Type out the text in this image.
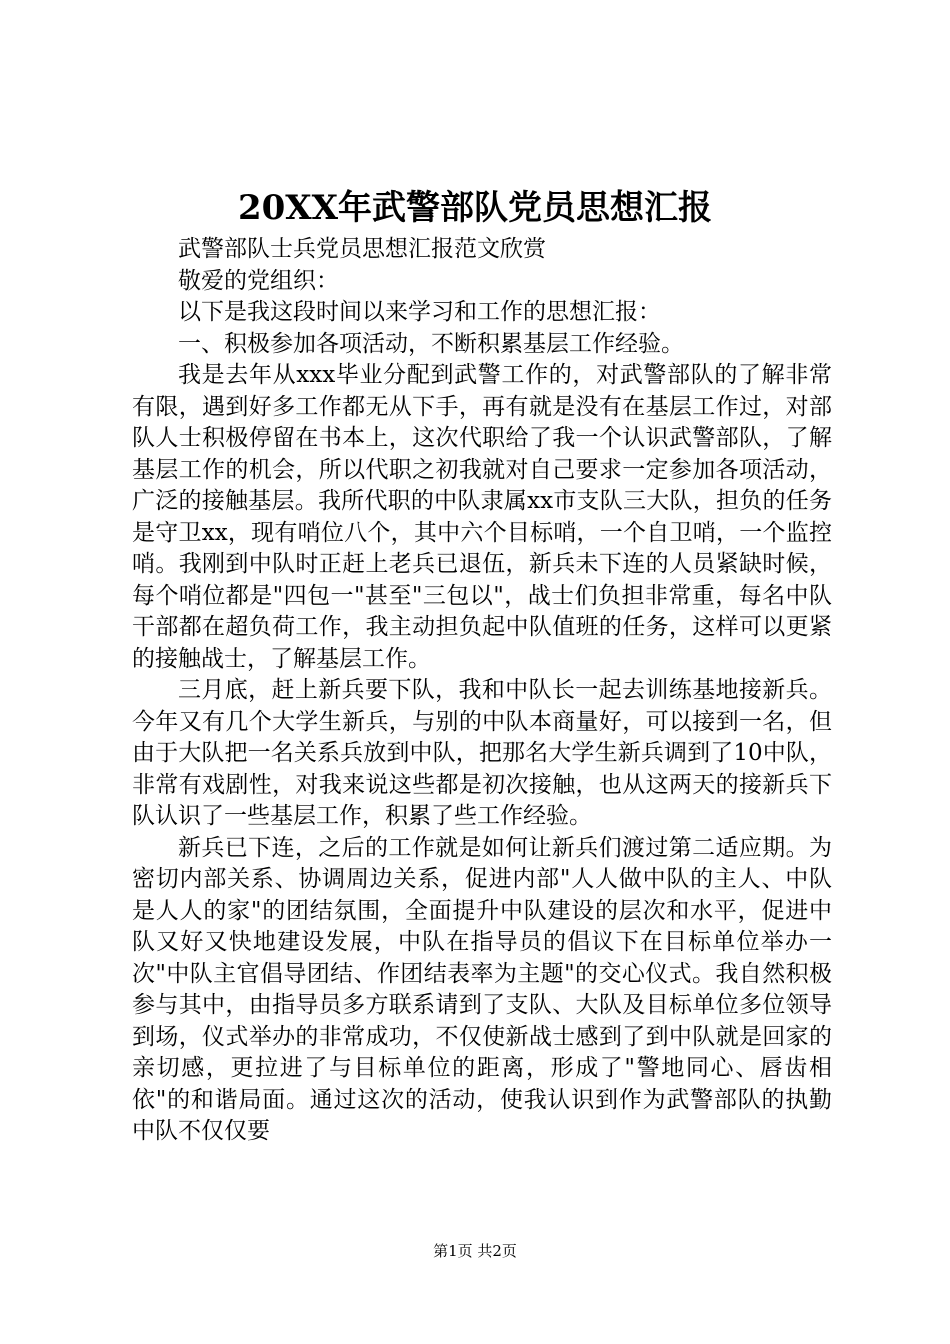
20XX年武警部队党员思想汇报

武警部队士兵党员思想汇报范文欣赏

敬爱的党组织：

以下是我这段时间以来学习和工作的思想汇报：

一、积极参加各项活动，不断积累基层工作经验。

我是去年从xxx毕业分配到武警工作的，对武警部队的了解非常有限，遇到好多工作都无从下手，再有就是没有在基层工作过，对部队人士积极停留在书本上，这次代职给了我一个认识武警部队，了解基层工作的机会，所以代职之初我就对自己要求一定参加各项活动，广泛的接触基层。我所代职的中队隶属xx市支队三大队，担负的任务是守卫xx，现有哨位八个，其中六个目标哨，一个自卫哨，一个监控哨。我刚到中队时正赶上老兵已退伍，新兵未下连的人员紧缺时候，每个哨位都是"四包一"甚至"三包以"，战士们负担非常重，每名中队干部都在超负荷工作，我主动担负起中队值班的任务，这样可以更紧的接触战士，了解基层工作。

三月底，赶上新兵要下队，我和中队长一起去训练基地接新兵。今年又有几个大学生新兵，与别的中队本商量好，可以接到一名，但由于大队把一名关系兵放到中队，把那名大学生新兵调到了10中队，非常有戏剧性，对我来说这些都是初次接触，也从这两天的接新兵下队认识了一些基层工作，积累了些工作经验。

新兵已下连，之后的工作就是如何让新兵们渡过第二适应期。为密切内部关系、协调周边关系，促进内部"人人做中队的主人、中队是人人的家"的团结氛围，全面提升中队建设的层次和水平，促进中队又好又快地建设发展，中队在指导员的倡议下在目标单位举办一次"中队主官倡导团结、作团结表率为主题"的交心仪式。我自然积极参与其中，由指导员多方联系请到了支队、大队及目标单位多位领导到场，仪式举办的非常成功，不仅使新战士感到了到中队就是回家的亲切感，更拉进了与目标单位的距离，形成了"警地同心、唇齿相依"的和谐局面。通过这次的活动，使我认识到作为武警部队的执勤中队不仅仅要

第1页 共2页
